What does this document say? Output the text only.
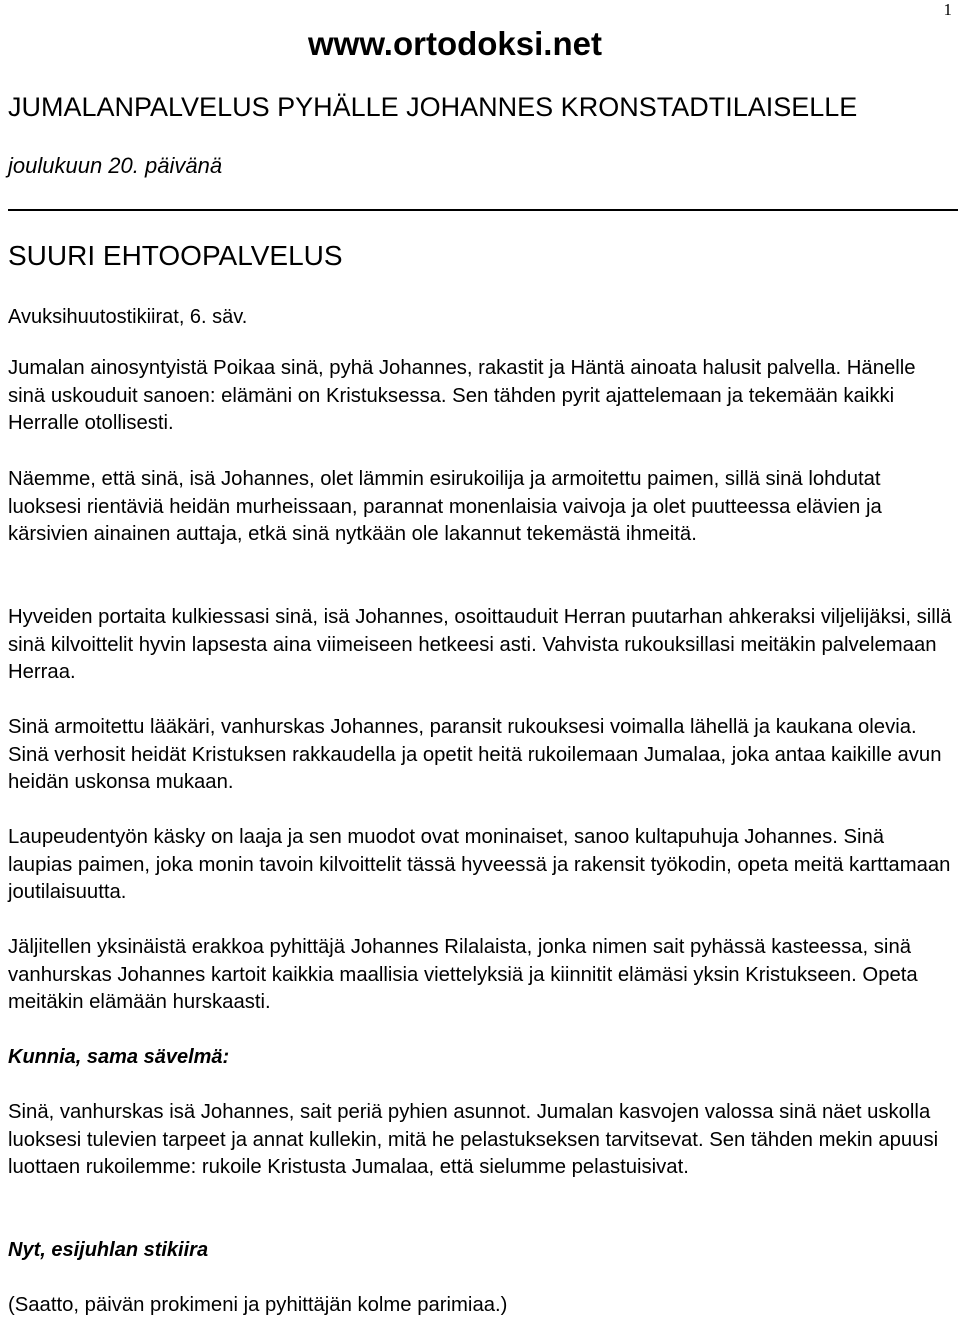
1
www.ortodoksi.net
JUMALANPALVELUS PYHÄLLE JOHANNES KRONSTADTILAISELLE

joulukuun 20. päivänä

SUURI EHTOOPALVELUS

Avuksihuutostikiirat, 6. säv.

Jumalan ainosyntyistä Poikaa sinä, pyhä Johannes, rakastit ja Häntä ainoata halusit palvella. Hänelle sinä uskouduit sanoen: elämäni on Kristuksessa. Sen tähden pyrit ajattelemaan ja tekemään kaikki Herralle otollisesti.

Näemme, että sinä, isä Johannes, olet lämmin esirukoilija ja armoitettu paimen, sillä sinä lohdutat luoksesi rientäviä heidän murheissaan, parannat monenlaisia vaivoja ja olet puutteessa elävien ja kärsivien ainainen auttaja, etkä sinä nytkään ole lakannut tekemästä ihmeitä.

Hyveiden portaita kulkiessasi sinä, isä Johannes, osoittauduit Herran puutarhan ahkeraksi viljelijäksi, sillä sinä kilvoittelit hyvin lapsesta aina viimeiseen hetkeesi asti. Vahvista rukouksillasi meitäkin palvelemaan Herraa.

Sinä armoitettu lääkäri, vanhurskas Johannes, paransit rukouksesi voimalla lähellä ja kaukana olevia. Sinä verhosit heidät Kristuksen rakkaudella ja opetit heitä rukoilemaan Jumalaa, joka antaa kaikille avun heidän uskonsa mukaan.

Laupeudentyön käsky on laaja ja sen muodot ovat moninaiset, sanoo kultapuhuja Johannes. Sinä laupias paimen, joka monin tavoin kilvoittelit tässä hyveessä ja rakensit työkodin, opeta meitä karttamaan joutilaisuutta.

Jäljitellen yksinäistä erakkoa pyhittäjä Johannes Rilalaista, jonka nimen sait pyhässä kasteessa, sinä vanhurskas Johannes kartoit kaikkia maallisia viettelyksiä ja kiinnitit elämäsi yksin Kristukseen. Opeta meitäkin elämään hurskaasti.

Kunnia, sama sävelmä:

Sinä, vanhurskas isä Johannes, sait periä pyhien asunnot. Jumalan kasvojen valossa sinä näet uskolla luoksesi tulevien tarpeet ja annat kullekin, mitä he pelastukseksen tarvitsevat. Sen tähden mekin apuusi luottaen rukoilemme: rukoile Kristusta Jumalaa, että sielumme pelastuisivat.

Nyt, esijuhlan stikiira

(Saatto, päivän prokimeni ja pyhittäjän kolme parimiaa.)
